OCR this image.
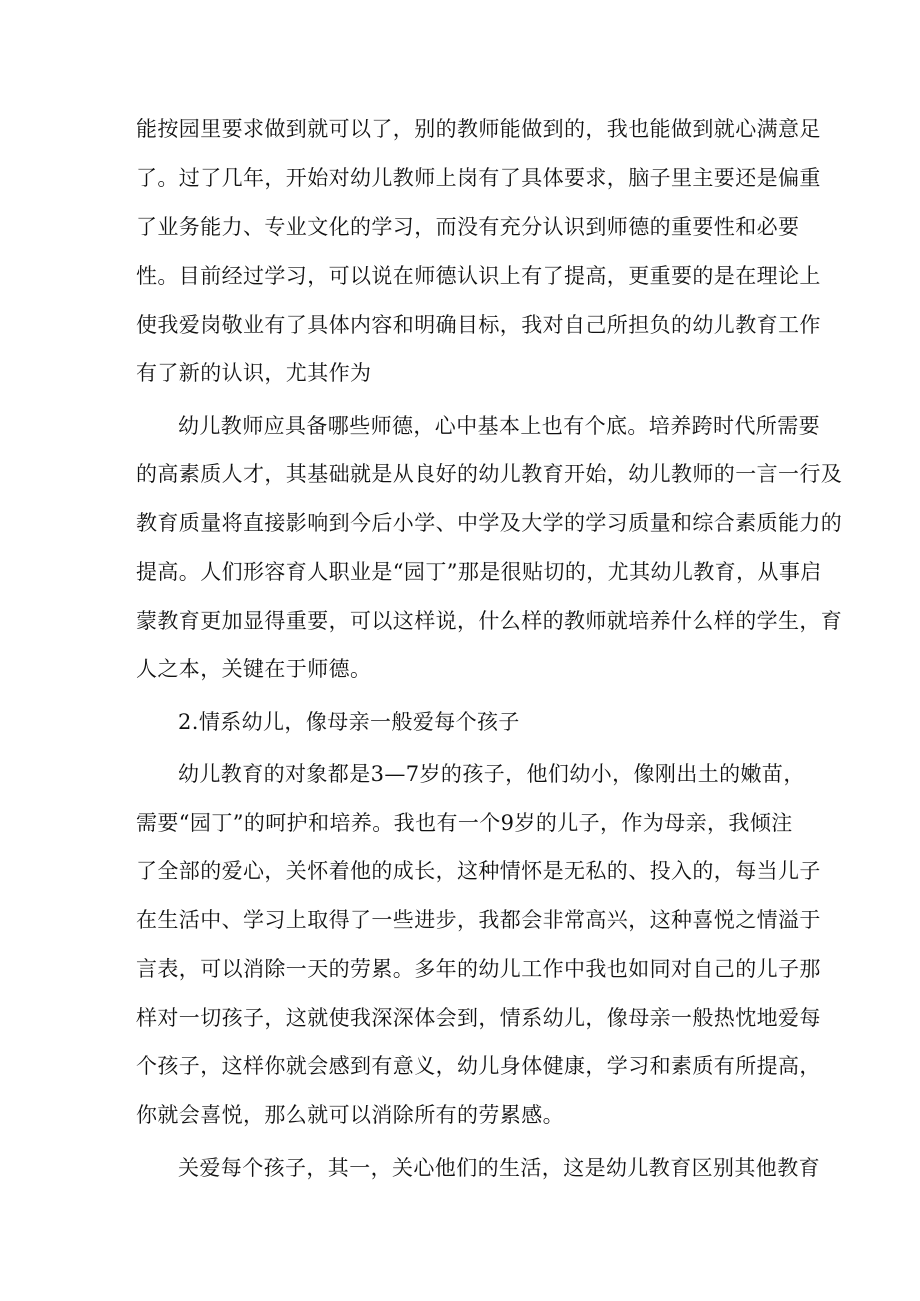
能按园里要求做到就可以了，别的教师能做到的，我也能做到就心满意足
了。过了几年，开始对幼儿教师上岗有了具体要求，脑子里主要还是偏重
了业务能力、专业文化的学习，而没有充分认识到师德的重要性和必要
性。目前经过学习，可以说在师德认识上有了提高，更重要的是在理论上
使我爱岗敬业有了具体内容和明确目标，我对自己所担负的幼儿教育工作
有了新的认识，尤其作为
幼儿教师应具备哪些师德，心中基本上也有个底。培养跨时代所需要
的高素质人才，其基础就是从良好的幼儿教育开始，幼儿教师的一言一行及
教育质量将直接影响到今后小学、中学及大学的学习质量和综合素质能力的
提高。人们形容育人职业是“园丁”那是很贴切的，尤其幼儿教育，从事启
蒙教育更加显得重要，可以这样说，什么样的教师就培养什么样的学生，育
人之本，关键在于师德。
2.情系幼儿，像母亲一般爱每个孩子
幼儿教育的对象都是3—7岁的孩子，他们幼小，像刚出土的嫩苗，
需要“园丁”的呵护和培养。我也有一个9岁的儿子，作为母亲，我倾注
了全部的爱心，关怀着他的成长，这种情怀是无私的、投入的，每当儿子
在生活中、学习上取得了一些进步，我都会非常高兴，这种喜悦之情溢于
言表，可以消除一天的劳累。多年的幼儿工作中我也如同对自己的儿子那
样对一切孩子，这就使我深深体会到，情系幼儿，像母亲一般热忱地爱每
个孩子，这样你就会感到有意义，幼儿身体健康，学习和素质有所提高，
你就会喜悦，那么就可以消除所有的劳累感。
关爱每个孩子，其一，关心他们的生活，这是幼儿教育区别其他教育
